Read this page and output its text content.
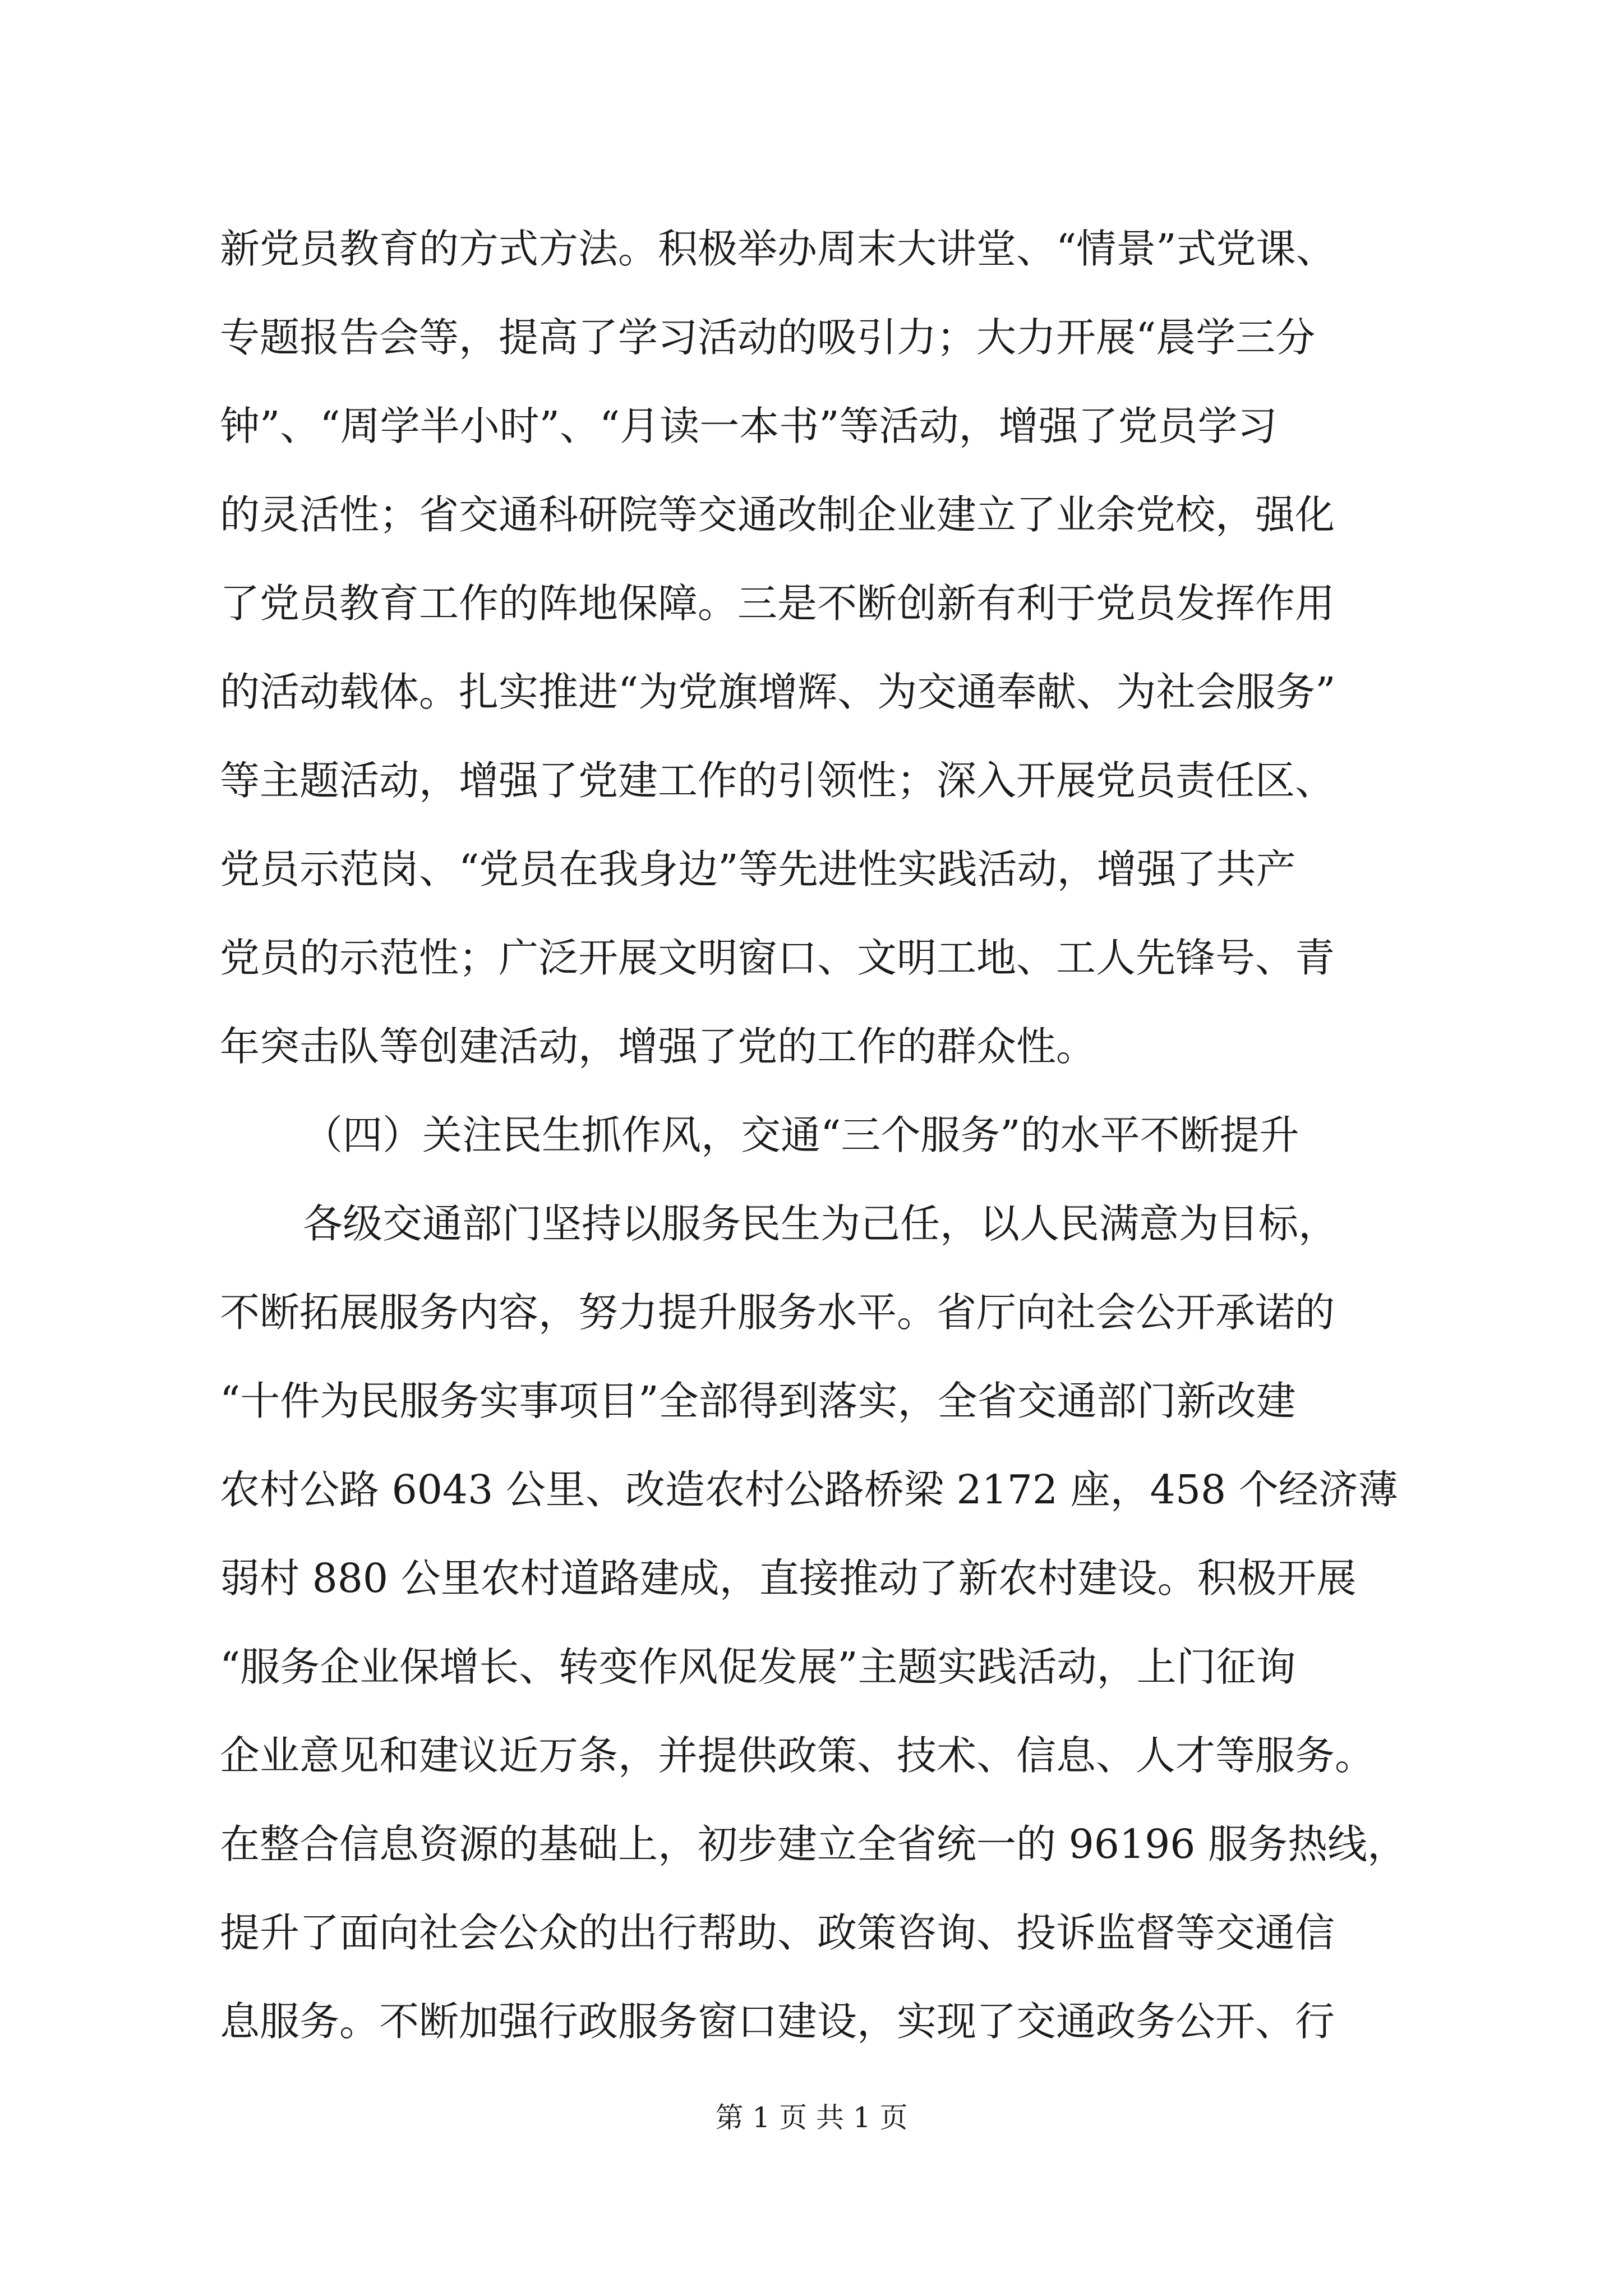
新党员教育的方式方法。积极举办周末大讲堂、“情景”式党课、
专题报告会等，提高了学习活动的吸引力；大力开展“晨学三分
钟”、“周学半小时”、“月读一本书”等活动，增强了党员学习
的灵活性；省交通科研院等交通改制企业建立了业余党校，强化
了党员教育工作的阵地保障。三是不断创新有利于党员发挥作用
的活动载体。扎实推进“为党旗增辉、为交通奉献、为社会服务”
等主题活动，增强了党建工作的引领性；深入开展党员责任区、
党员示范岗、“党员在我身边”等先进性实践活动，增强了共产
党员的示范性；广泛开展文明窗口、文明工地、工人先锋号、青
年突击队等创建活动，增强了党的工作的群众性。
（四）关注民生抓作风，交通“三个服务”的水平不断提升
各级交通部门坚持以服务民生为己任，以人民满意为目标，
不断拓展服务内容，努力提升服务水平。省厅向社会公开承诺的
“十件为民服务实事项目”全部得到落实，全省交通部门新改建
农村公路 6043 公里、改造农村公路桥梁 2172 座，458 个经济薄
弱村 880 公里农村道路建成，直接推动了新农村建设。积极开展
“服务企业保增长、转变作风促发展”主题实践活动，上门征询
企业意见和建议近万条，并提供政策、技术、信息、人才等服务。
在整合信息资源的基础上，初步建立全省统一的 96196 服务热线，
提升了面向社会公众的出行帮助、政策咨询、投诉监督等交通信
息服务。不断加强行政服务窗口建设，实现了交通政务公开、行
第 1 页 共 1 页
